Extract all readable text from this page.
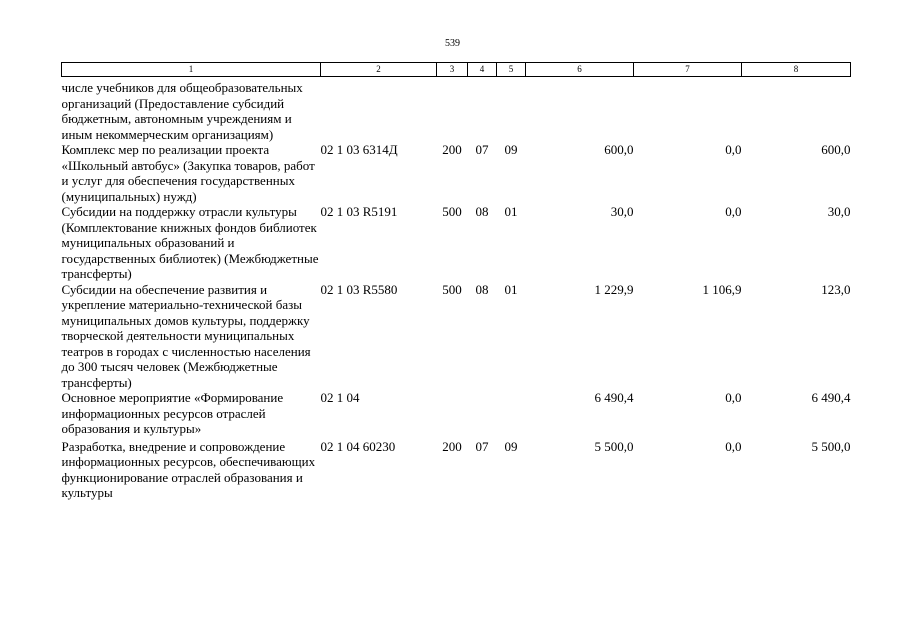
539
1	2	3	4	5	6	7	8
числе учебников для общеобразовательных организаций (Предоставление субсидий бюджетным, автономным учреждениям и иным некоммерческим организациям)							
Комплекс мер по реализации проекта «Школьный автобус» (Закупка товаров, работ и услуг для обеспечения государственных (муниципальных) нужд)	02 1 03 6314Д	200	07	09	600,0	0,0	600,0
Субсидии на поддержку отрасли культуры (Комплектование книжных фондов библиотек муниципальных образований и государственных библиотек) (Межбюджетные трансферты)	02 1 03 R5191	500	08	01	30,0	0,0	30,0
Субсидии на обеспечение развития и укрепление материально-технической базы муниципальных домов культуры, поддержку творческой деятельности муниципальных театров в городах с численностью населения до 300 тысяч человек (Межбюджетные трансферты)	02 1 03 R5580	500	08	01	1 229,9	1 106,9	123,0
Основное мероприятие «Формирование информационных ресурсов отраслей образования и культуры»	02 1 04				6 490,4	0,0	6 490,4
Разработка, внедрение и сопровождение информационных ресурсов, обеспечивающих функционирование отраслей образования и культуры	02 1 04 60230	200	07	09	5 500,0	0,0	5 500,0
